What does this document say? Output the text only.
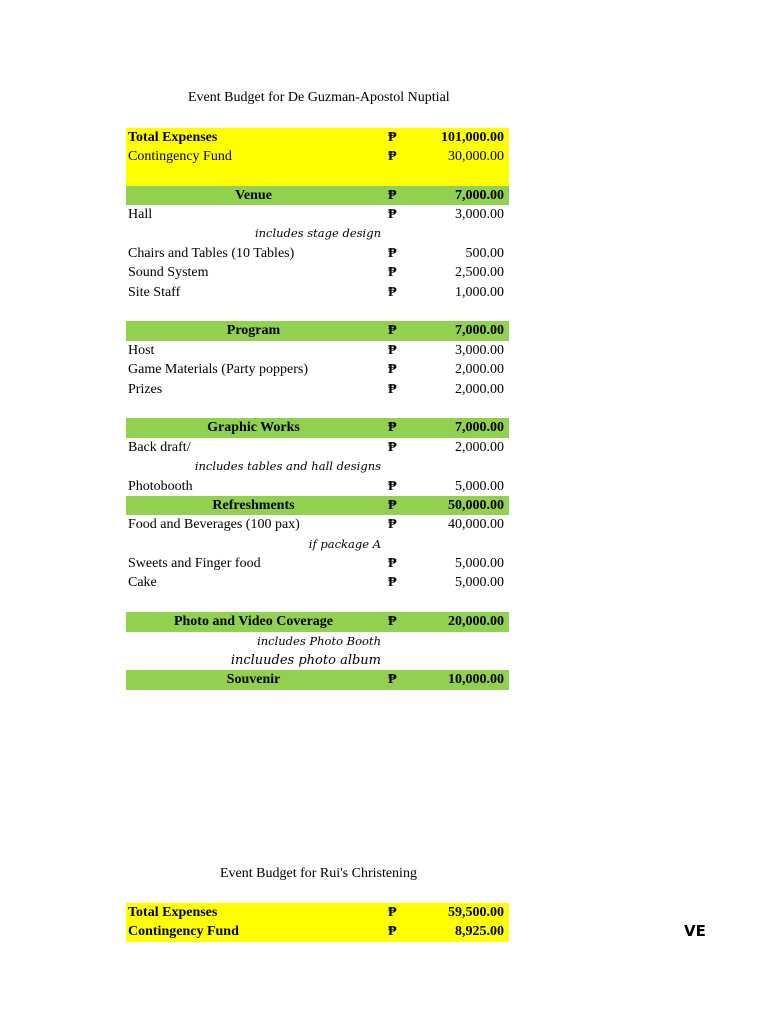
Event Budget for De Guzman-Apostol Nuptial
Total Expenses	₱	101,000.00
Contingency Fund	₱	30,000.00
Venue	₱	7,000.00
Hall	₱	3,000.00
includes stage design
Chairs and Tables (10 Tables)	₱	500.00
Sound System	₱	2,500.00
Site Staff	₱	1,000.00
Program	₱	7,000.00
Host	₱	3,000.00
Game Materials (Party poppers)	₱	2,000.00
Prizes	₱	2,000.00
Graphic Works	₱	7,000.00
Back draft/	₱	2,000.00
includes tables and hall designs
Photobooth	₱	5,000.00
Refreshments	₱	50,000.00
Food and Beverages (100 pax)	₱	40,000.00
if package A
Sweets and Finger food	₱	5,000.00
Cake	₱	5,000.00
Photo and Video Coverage	₱	20,000.00
includes Photo Booth
incluudes photo album
Souvenir	₱	10,000.00
Event Budget for Rui's Christening
Total Expenses	₱	59,500.00
Contingency Fund	₱	8,925.00	VE
